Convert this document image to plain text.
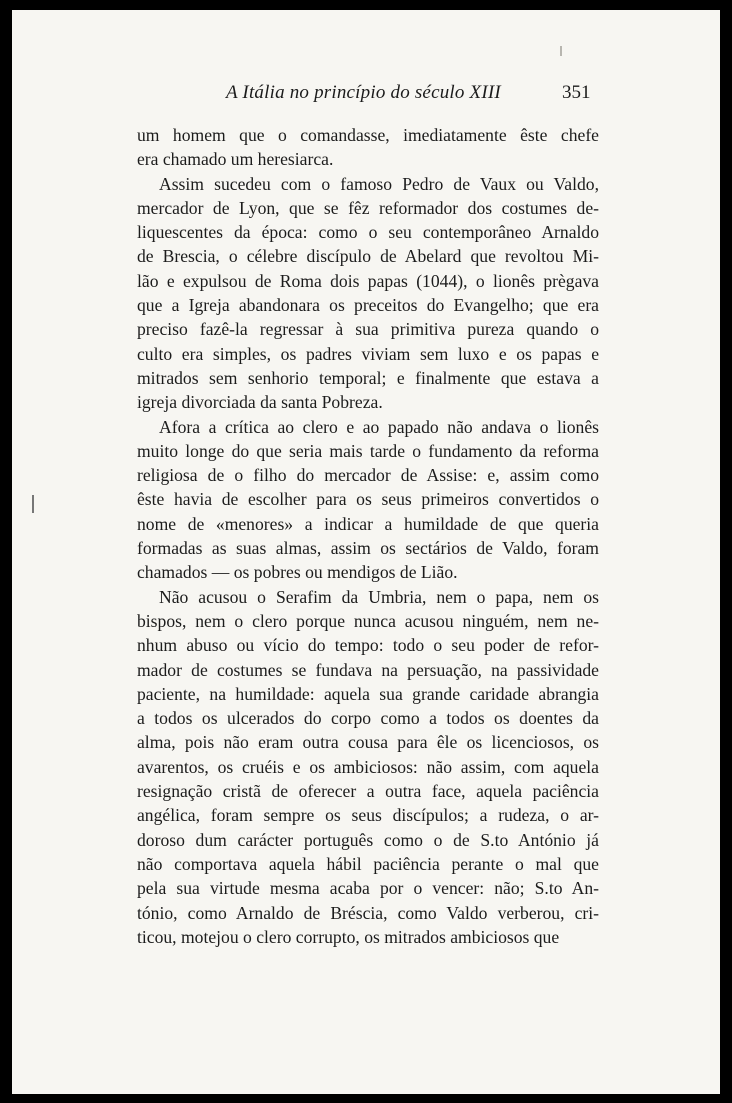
A Itália no princípio do século XIII	351

um homem que o comandasse, imediatamente êste chefe
era chamado um heresiarca.

Assim sucedeu com o famoso Pedro de Vaux ou Valdo,
mercador de Lyon, que se fêz reformador dos costumes de-
liquescentes da época: como o seu contemporâneo Arnaldo
de Brescia, o célebre discípulo de Abelard que revoltou Mi-
lão e expulsou de Roma dois papas (1044), o lionês prègava
que a Igreja abandonara os preceitos do Evangelho; que era
preciso fazê-la regressar à sua primitiva pureza quando o
culto era simples, os padres viviam sem luxo e os papas e
mitrados sem senhorio temporal; e finalmente que estava a
igreja divorciada da santa Pobreza.

Afora a crítica ao clero e ao papado não andava o lionês
muito longe do que seria mais tarde o fundamento da reforma
religiosa de o filho do mercador de Assise: e, assim como
êste havia de escolher para os seus primeiros convertidos o
nome de «menores» a indicar a humildade de que queria
formadas as suas almas, assim os sectários de Valdo, foram
chamados — os pobres ou mendigos de Lião.

Não acusou o Serafim da Umbria, nem o papa, nem os
bispos, nem o clero porque nunca acusou ninguém, nem ne-
nhum abuso ou vício do tempo: todo o seu poder de refor-
mador de costumes se fundava na persuação, na passividade
paciente, na humildade: aquela sua grande caridade abrangia
a todos os ulcerados do corpo como a todos os doentes da
alma, pois não eram outra cousa para êle os licenciosos, os
avarentos, os cruéis e os ambiciosos: não assim, com aquela
resignação cristã de oferecer a outra face, aquela paciência
angélica, foram sempre os seus discípulos; a rudeza, o ar-
doroso dum carácter português como o de S.to António já
não comportava aquela hábil paciência perante o mal que
pela sua virtude mesma acaba por o vencer: não; S.to An-
tónio, como Arnaldo de Bréscia, como Valdo verberou, cri-
ticou, motejou o clero corrupto, os mitrados ambiciosos que
